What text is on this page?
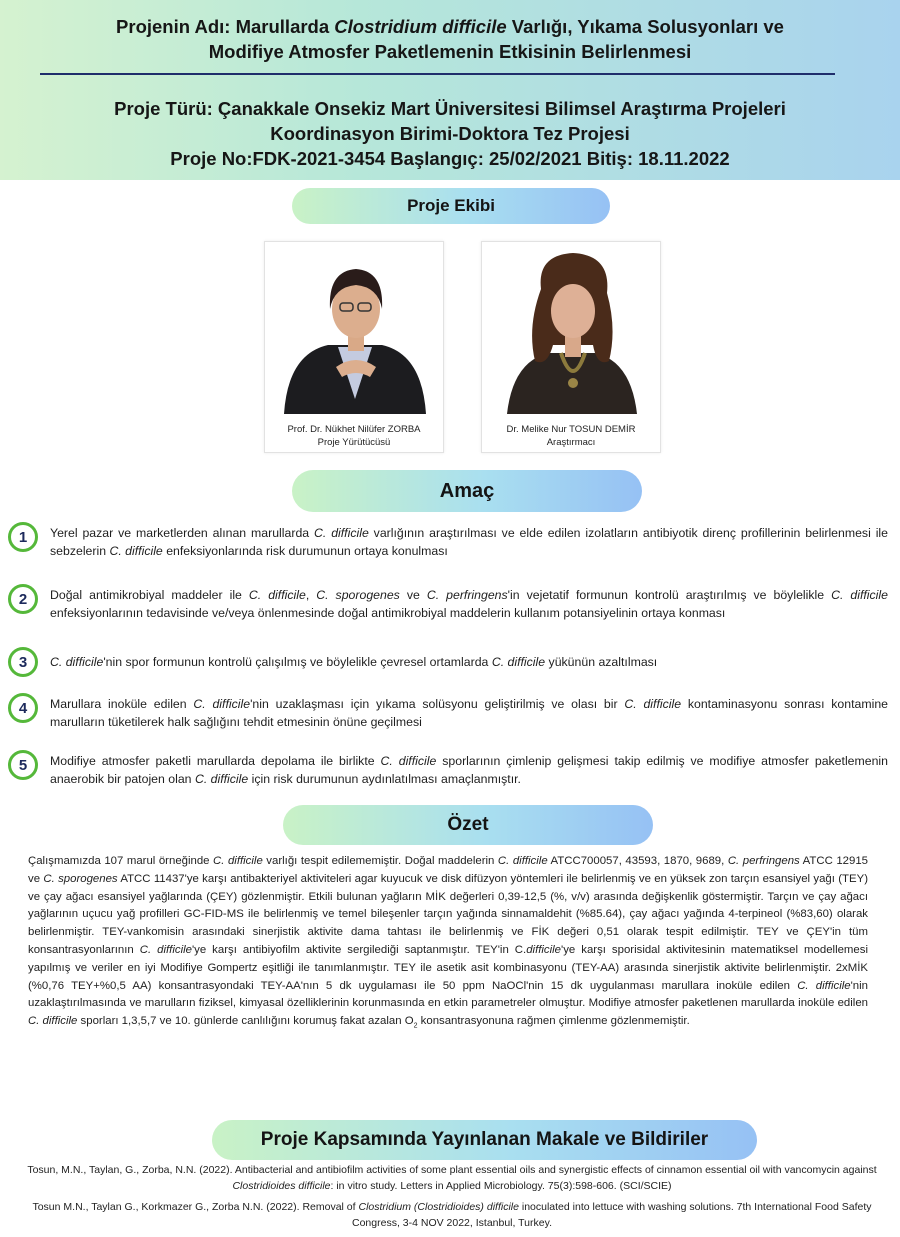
Projenin Adı: Marullarda Clostridium difficile Varlığı, Yıkama Solusyonları ve
Modifiye Atmosfer Paketlemenin Etkisinin Belirlenmesi
Proje Türü: Çanakkale Onsekiz Mart Üniversitesi Bilimsel Araştırma Projeleri
Koordinasyon Birimi-Doktora Tez Projesi
Proje No:FDK-2021-3454 Başlangıç: 25/02/2021 Bitiş: 18.11.2022
Proje Ekibi
Prof. Dr. Nükhet Nilüfer ZORBA
Proje Yürütücüsü
Dr. Melike Nur TOSUN DEMİR
Araştırmacı
Amaç
1	Yerel pazar ve marketlerden alınan marullarda C. difficile varlığının araştırılması ve elde edilen izolatların antibiyotik direnç profillerinin belirlenmesi ile sebzelerin C. difficile enfeksiyonlarında risk durumunun ortaya konulması
2	Doğal antimikrobiyal maddeler ile C. difficile, C. sporogenes ve C. perfringens'in vejetatif formunun kontrolü araştırılmış ve böylelikle C. difficile enfeksiyonlarının tedavisinde ve/veya önlenmesinde doğal antimikrobiyal maddelerin kullanım potansiyelinin ortaya konması
3	C. difficile'nin spor formunun kontrolü çalışılmış ve böylelikle çevresel ortamlarda C. difficile yükünün azaltılması
4	Marullara inoküle edilen C. difficile'nin uzaklaşması için yıkama solüsyonu geliştirilmiş ve olası bir C. difficile kontaminasyonu sonrası kontamine marulların tüketilerek halk sağlığını tehdit etmesinin önüne geçilmesi
5	Modifiye atmosfer paketli marullarda depolama ile birlikte C. difficile sporlarının çimlenip gelişmesi takip edilmiş ve modifiye atmosfer paketlemenin anaerobik bir patojen olan C. difficile için risk durumunun aydınlatılması amaçlanmıştır.
Özet
Çalışmamızda 107 marul örneğinde C. difficile varlığı tespit edilememiştir. Doğal maddelerin C. difficile ATCC700057, 43593, 1870, 9689, C. perfringens ATCC 12915 ve C. sporogenes ATCC 11437'ye karşı antibakteriyel aktiviteleri agar kuyucuk ve disk difüzyon yöntemleri ile belirlenmiş ve en yüksek zon tarçın esansiyel yağı (TEY) ve çay ağacı esansiyel yağlarında (ÇEY) gözlenmiştir. Etkili bulunan yağların MİK değerleri 0,39-12,5 (%, v/v) arasında değişkenlik göstermiştir. Tarçın ve çay ağacı yağlarının uçucu yağ profilleri GC-FID-MS ile belirlenmiş ve temel bileşenler tarçın yağında sinnamaldehit (%85.64), çay ağacı yağında 4-terpineol (%83,60) olarak belirlenmiştir. TEY-vankomisin arasındaki sinerjistik aktivite dama tahtası ile belirlenmiş ve FİK değeri 0,51 olarak tespit edilmiştir. TEY ve ÇEY'in tüm konsantrasyonlarının C. difficile'ye karşı antibiyofilm aktivite sergilediği saptanmıştır. TEY'in C.difficile'ye karşı sporisidal aktivitesinin matematiksel modellemesi yapılmış ve veriler en iyi Modifiye Gompertz eşitliği ile tanımlanmıştır. TEY ile asetik asit kombinasyonu (TEY-AA) arasında sinerjistik aktivite belirlenmiştir. 2xMİK (%0,76 TEY+%0,5 AA) konsantrasyondaki TEY-AA'nın 5 dk uygulaması ile 50 ppm NaOCl'nin 15 dk uygulanması marullara inoküle edilen C. difficile'nin uzaklaştırılmasında ve marulların fiziksel, kimyasal özelliklerinin korunmasında en etkin parametreler olmuştur. Modifiye atmosfer paketlenen marullarda inoküle edilen C. difficile sporları 1,3,5,7 ve 10. günlerde canlılığını korumuş fakat azalan $O_2$ konsantrasyonuna rağmen çimlenme gözlenmemiştir.
Proje Kapsamında Yayınlanan Makale ve Bildiriler
Tosun, M.N., Taylan, G., Zorba, N.N. (2022). Antibacterial and antibiofilm activities of some plant essential oils and synergistic effects of cinnamon essential oil with vancomycin against Clostridioides difficile: in vitro study. Letters in Applied Microbiology. 75(3):598-606. (SCI/SCIE)
Tosun M.N., Taylan G., Korkmazer G., Zorba N.N. (2022). Removal of Clostridium (Clostridioides) difficile inoculated into lettuce with washing solutions. 7th International Food Safety Congress, 3-4 NOV 2022, Istanbul, Turkey.
